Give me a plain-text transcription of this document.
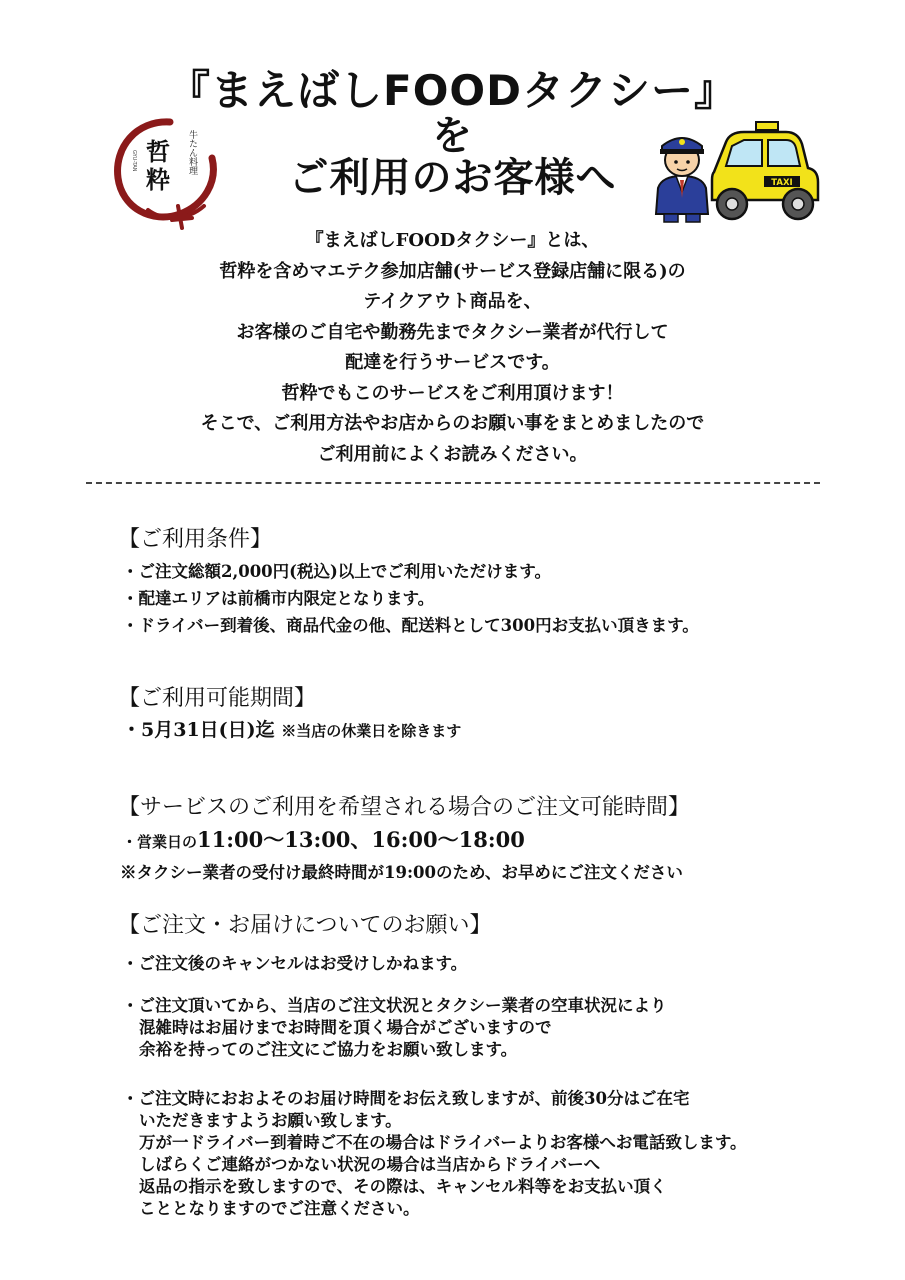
『まえばしFOODタクシー』
を
ご利用のお客様へ
哲
粋
牛たん料理
GYU-TAN
TAXI
『まえばしFOODタクシー』とは、
哲粋を含めマエテク参加店舗(サービス登録店舗に限る)の
テイクアウト商品を、
お客様のご自宅や勤務先までタクシー業者が代行して
配達を行うサービスです。
哲粋でもこのサービスをご利用頂けます！
そこで、ご利用方法やお店からのお願い事をまとめましたので
ご利用前によくお読みください。
【ご利用条件】
・ご注文総額2,000円(税込)以上でご利用いただけます。
・配達エリアは前橋市内限定となります。
・ドライバー到着後、商品代金の他、配送料として300円お支払い頂きます。
【ご利用可能期間】
・5月31日(日)迄 ※当店の休業日を除きます
【サービスのご利用を希望される場合のご注文可能時間】
・営業日の11:00〜13:00、16:00〜18:00
※タクシー業者の受付け最終時間が19:00のため、お早めにご注文ください
【ご注文・お届けについてのお願い】
・ご注文後のキャンセルはお受けしかねます。
・ご注文頂いてから、当店のご注文状況とタクシー業者の空車状況により
混雑時はお届けまでお時間を頂く場合がございますので
余裕を持ってのご注文にご協力をお願い致します。
・ご注文時におおよそのお届け時間をお伝え致しますが、前後30分はご在宅
いただきますようお願い致します。
万が一ドライバー到着時ご不在の場合はドライバーよりお客様へお電話致します。
しばらくご連絡がつかない状況の場合は当店からドライバーへ
返品の指示を致しますので、その際は、キャンセル料等をお支払い頂く
こととなりますのでご注意ください。
